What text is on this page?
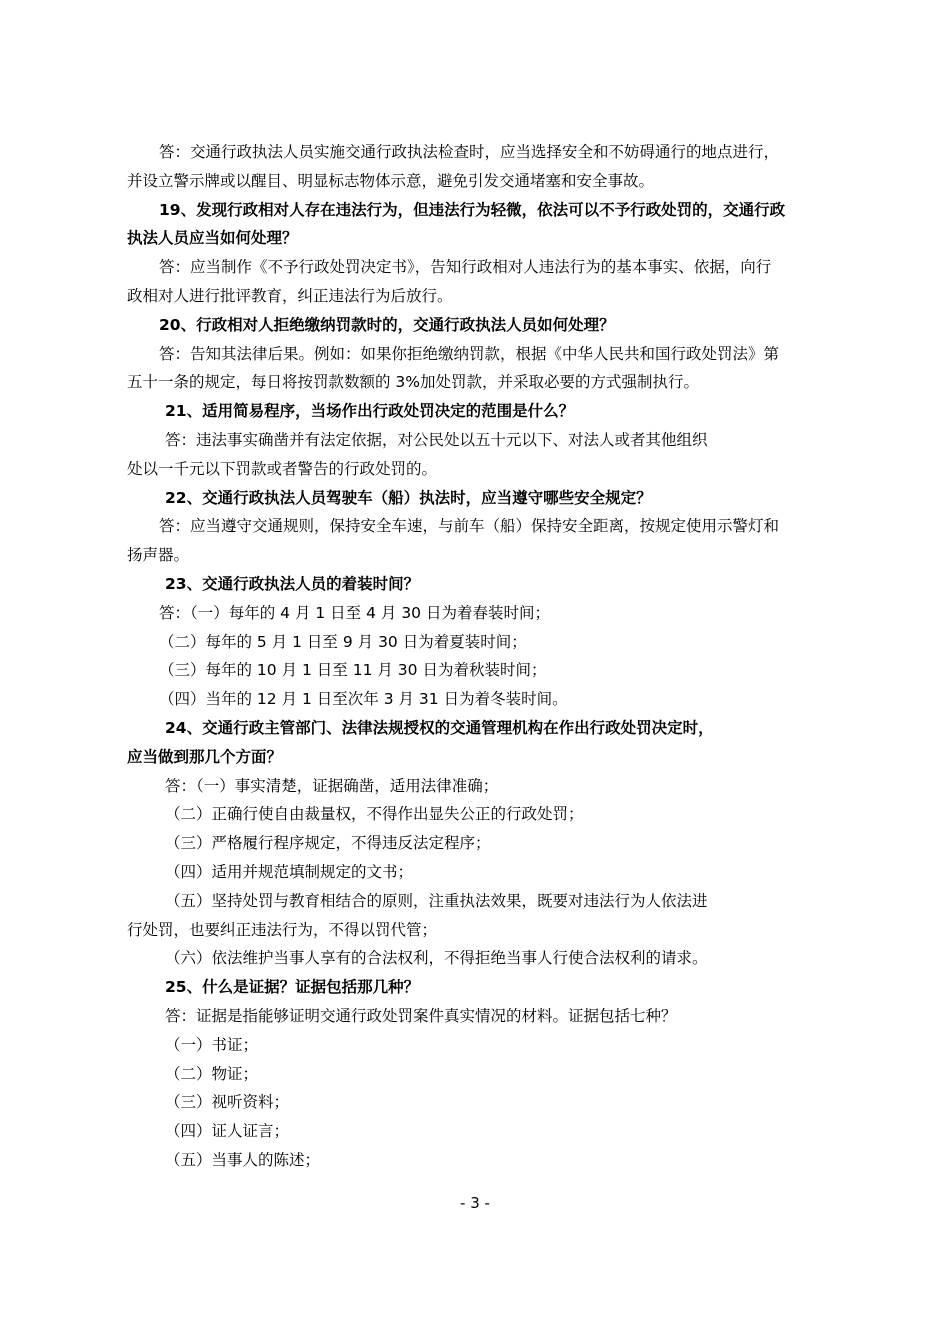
答：交通行政执法人员实施交通行政执法检查时，应当选择安全和不妨碍通行的地点进行，
并设立警示牌或以醒目、明显标志物体示意，避免引发交通堵塞和安全事故。
19、发现行政相对人存在违法行为，但违法行为轻微，依法可以不予行政处罚的，交通行政
执法人员应当如何处理？
答：应当制作《不予行政处罚决定书》，告知行政相对人违法行为的基本事实、依据，向行
政相对人进行批评教育，纠正违法行为后放行。
20、行政相对人拒绝缴纳罚款时的，交通行政执法人员如何处理？
答：告知其法律后果。例如：如果你拒绝缴纳罚款，根据《中华人民共和国行政处罚法》第
五十一条的规定，每日将按罚款数额的 3%加处罚款，并采取必要的方式强制执行。
21、适用简易程序，当场作出行政处罚决定的范围是什么？
答：违法事实确凿并有法定依据，对公民处以五十元以下、对法人或者其他组织
处以一千元以下罚款或者警告的行政处罚的。
22、交通行政执法人员驾驶车（船）执法时，应当遵守哪些安全规定？
答：应当遵守交通规则，保持安全车速，与前车（船）保持安全距离，按规定使用示警灯和
扬声器。
23、交通行政执法人员的着装时间？
答：（一）每年的 4 月 1 日至 4 月 30 日为着春装时间；
（二）每年的 5 月 1 日至 9 月 30 日为着夏装时间；
（三）每年的 10 月 1 日至 11 月 30 日为着秋装时间；
（四）当年的 12 月 1 日至次年 3 月 31 日为着冬装时间。
24、交通行政主管部门、法律法规授权的交通管理机构在作出行政处罚决定时，
应当做到那几个方面？
答：（一）事实清楚，证据确凿，适用法律准确；
（二）正确行使自由裁量权，不得作出显失公正的行政处罚；
（三）严格履行程序规定，不得违反法定程序；
（四）适用并规范填制规定的文书；
（五）坚持处罚与教育相结合的原则，注重执法效果，既要对违法行为人依法进
行处罚，也要纠正违法行为，不得以罚代管；
（六）依法维护当事人享有的合法权利，不得拒绝当事人行使合法权利的请求。
25、什么是证据？证据包括那几种？
答：证据是指能够证明交通行政处罚案件真实情况的材料。证据包括七种？
（一）书证；
（二）物证；
（三）视听资料；
（四）证人证言；
（五）当事人的陈述；
- 3 -
